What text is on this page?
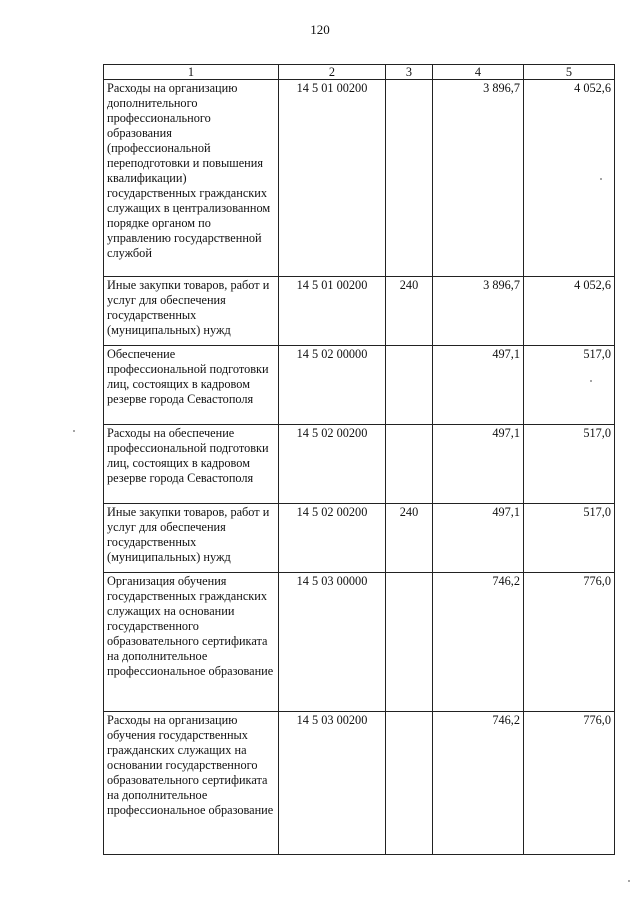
120
1	2	3	4	5
Расходы на организацию дополнительного профессионального образования (профессиональной переподготовки и повышения квалификации) государственных гражданских служащих в централизованном порядке органом по управлению государственной службой	14 5 01 00200		3 896,7	4 052,6
Иные закупки товаров, работ и услуг для обеспечения государственных (муниципальных) нужд	14 5 01 00200	240	3 896,7	4 052,6
Обеспечение профессиональной подготовки лиц, состоящих в кадровом резерве города Севастополя	14 5 02 00000		497,1	517,0
Расходы на обеспечение профессиональной подготовки лиц, состоящих в кадровом резерве города Севастополя	14 5 02 00200		497,1	517,0
Иные закупки товаров, работ и услуг для обеспечения государственных (муниципальных) нужд	14 5 02 00200	240	497,1	517,0
Организация обучения государственных гражданских служащих на основании государственного образовательного сертификата на дополнительное профессиональное образование	14 5 03 00000		746,2	776,0
Расходы на организацию обучения государственных гражданских служащих на основании государственного образовательного сертификата на дополнительное профессиональное образование	14 5 03 00200		746,2	776,0
